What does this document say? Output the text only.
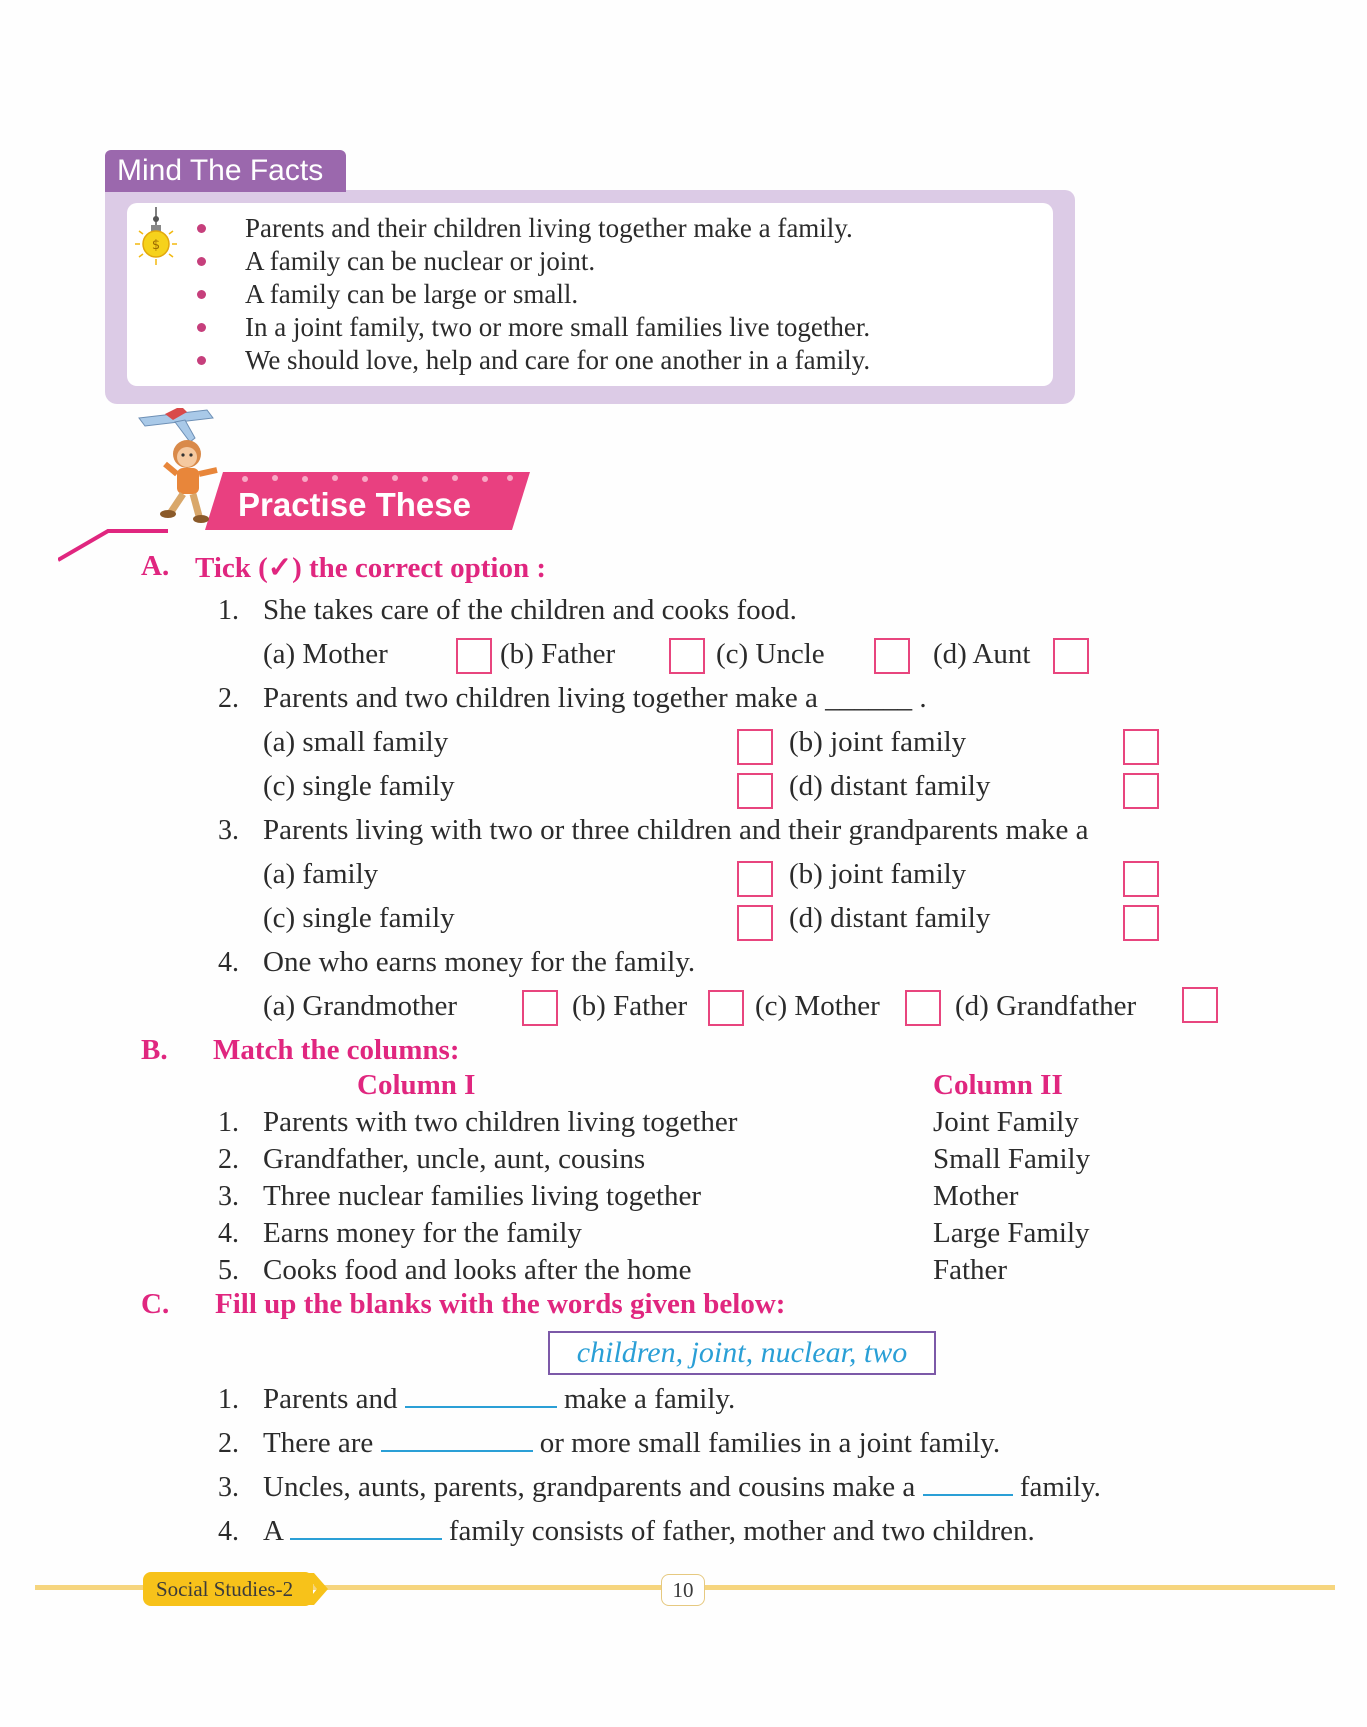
Mind The Facts
$
Parents and their children living together make a family.
A family can be nuclear or joint.
A family can be large or small.
In a joint family, two or more small families live together.
We should love, help and care for one another in a family.
Practise These
A. Tick (✓) the correct option :
1. She takes care of the children and cooks food.
(a) Mother	(b) Father	(c) Uncle	(d) Aunt
2. Parents and two children living together make a ______ .
(a) small family	(b) joint family
(c) single family	(d) distant family
3. Parents living with two or three children and their grandparents make a
(a) family	(b) joint family
(c) single family	(d) distant family
4. One who earns money for the family.
(a) Grandmother	(b) Father (c) Mother	(d) Grandfather
B. Match the columns:
Column I	Column II
1. Parents with two children living together	Joint Family
2. Grandfather, uncle, aunt, cousins	Small Family
3. Three nuclear families living together	Mother
4. Earns money for the family	Large Family
5. Cooks food and looks after the home	Father
C. Fill up the blanks with the words given below:
children, joint, nuclear, two
1. Parents and	make a family.
2. There are	or more small families in a joint family.
3. Uncles, aunts, parents, grandparents and cousins make a	family.
4. A	family consists of father, mother and two children.
Social Studies-2	10
